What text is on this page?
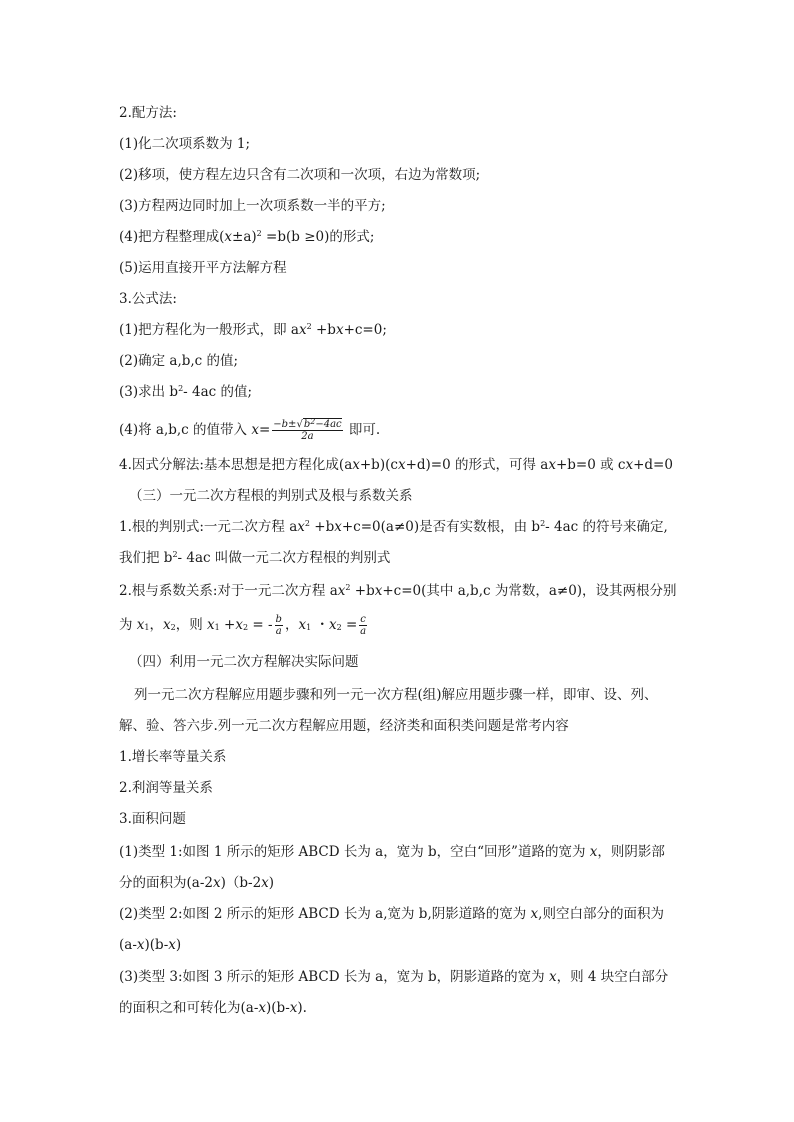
2.配方法:
(1)化二次项系数为 1;
(2)移项，使方程左边只含有二次项和一次项，右边为常数项;
(3)方程两边同时加上一次项系数一半的平方;
(4)把方程整理成$(x\pm a)^2 =b(b \ge 0)$的形式;
(5)运用直接开平方法解方程
3.公式法:
(1)把方程化为一般形式，即 $ax^2 +bx+c=0$;
(2)确定 a,b,c 的值;
(3)求出 $b^2-$ 4ac 的值;
(4)将 a,b,c 的值带入 $x= \frac{-b\pm√b^2-4ac}{2a}$ 即可.
4.因式分解法:基本思想是把方程化成(ax+b)(cx+d)=0 的形式，可得 ax+b=0 或 cx+d=0
（三）一元二次方程根的判别式及根与系数关系
1.根的判别式:一元二次方程 $ax^2 +bx+c=0(a\ne 0)$是否有实数根，由 $b^2-$ 4ac 的符号来确定,
我们把 $b^2-$ 4ac 叫做一元二次方程根的判别式
2.根与系数关系:对于一元二次方程 $ax^2 +bx+c=0$(其中 a,b,c 为常数，a≠0)，设其两根分别
为 $x_1$，$x_2$，则 $x_1 +x_2$ = - $\frac{b}{a}$ ，$x_1$ ・$x_2 = \frac{c}{a}$
（四）利用一元二次方程解决实际问题
列一元二次方程解应用题步骤和列一元一次方程(组)解应用题步骤一样，即审、设、列、
解、验、答六步.列一元二次方程解应用题，经济类和面积类问题是常考内容
1.增长率等量关系
2.利润等量关系
3.面积问题
(1)类型 1:如图 1 所示的矩形 ABCD 长为 a，宽为 b，空白“回形”道路的宽为 x，则阴影部
分的面积为(a-2x)（b-2x)
(2)类型 2:如图 2 所示的矩形 ABCD 长为 a,宽为 b,阴影道路的宽为 x,则空白部分的面积为
(a-x)(b-x)
(3)类型 3:如图 3 所示的矩形 ABCD 长为 a，宽为 b，阴影道路的宽为 x，则 4 块空白部分
的面积之和可转化为(a-x)(b-x).
